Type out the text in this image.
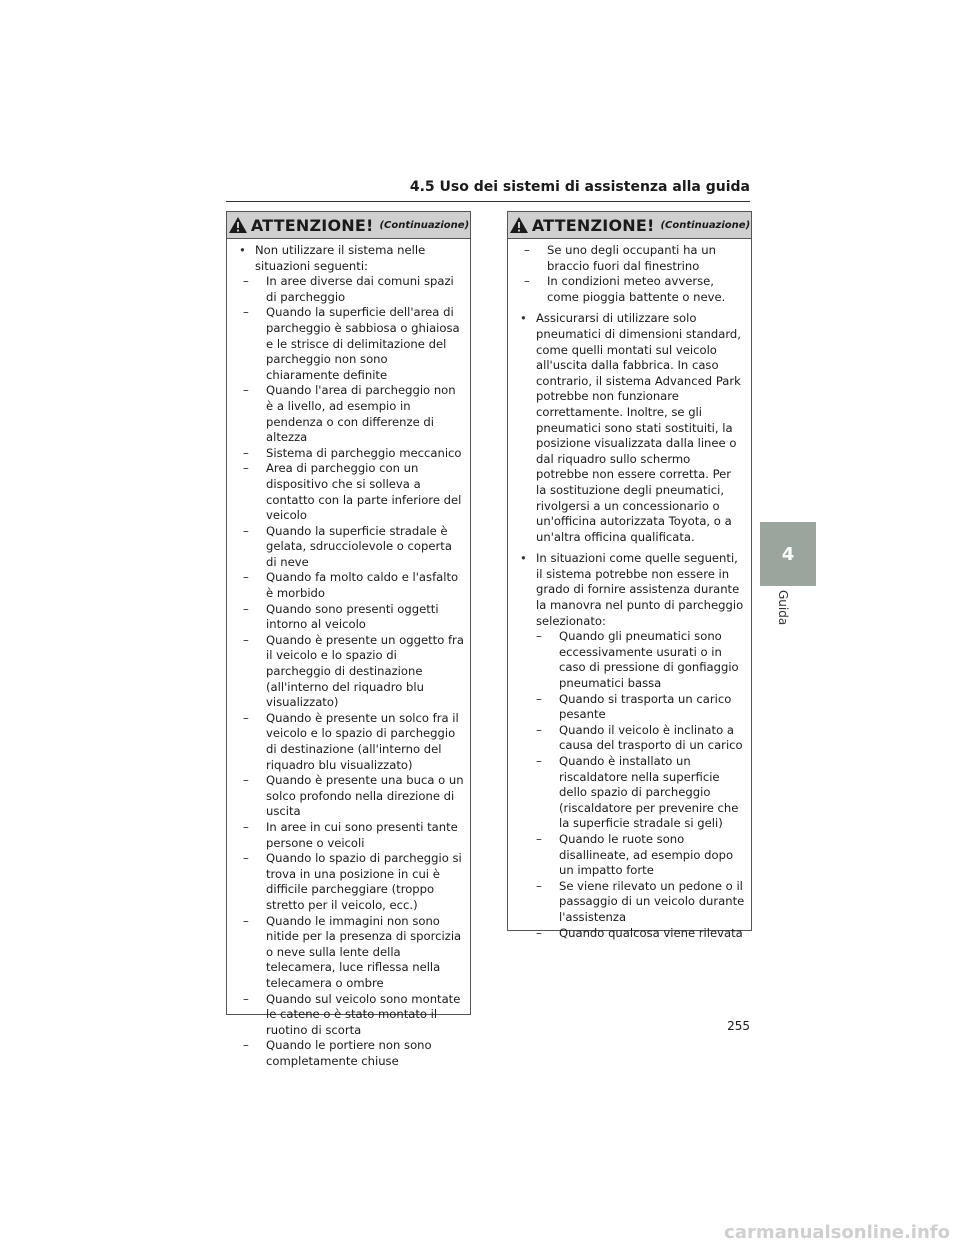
4.5 Uso dei sistemi di assistenza alla guida
ATTENZIONE! (Continuazione)
• Non utilizzare il sistema nelle situazioni seguenti:
– In aree diverse dai comuni spazi di parcheggio
– Quando la superficie dell'area di parcheggio è sabbiosa o ghiaiosa e le strisce di delimitazione del parcheggio non sono chiaramente definite
– Quando l'area di parcheggio non è a livello, ad esempio in pendenza o con differenze di altezza
– Sistema di parcheggio meccanico
– Area di parcheggio con un dispositivo che si solleva a contatto con la parte inferiore del veicolo
– Quando la superficie stradale è gelata, sdrucciolevole o coperta di neve
– Quando fa molto caldo e l'asfalto è morbido
– Quando sono presenti oggetti intorno al veicolo
– Quando è presente un oggetto fra il veicolo e lo spazio di parcheggio di destinazione (all'interno del riquadro blu visualizzato)
– Quando è presente un solco fra il veicolo e lo spazio di parcheggio di destinazione (all'interno del riquadro blu visualizzato)
– Quando è presente una buca o un solco profondo nella direzione di uscita
– In aree in cui sono presenti tante persone o veicoli
– Quando lo spazio di parcheggio si trova in una posizione in cui è difficile parcheggiare (troppo stretto per il veicolo, ecc.)
– Quando le immagini non sono nitide per la presenza di sporcizia o neve sulla lente della telecamera, luce riflessa nella telecamera o ombre
– Quando sul veicolo sono montate le catene o è stato montato il ruotino di scorta
– Quando le portiere non sono completamente chiuse
ATTENZIONE! (Continuazione)
– Se uno degli occupanti ha un braccio fuori dal finestrino
– In condizioni meteo avverse, come pioggia battente o neve.
• Assicurarsi di utilizzare solo pneumatici di dimensioni standard, come quelli montati sul veicolo all'uscita dalla fabbrica. In caso contrario, il sistema Advanced Park potrebbe non funzionare correttamente. Inoltre, se gli pneumatici sono stati sostituiti, la posizione visualizzata dalla linee o dal riquadro sullo schermo potrebbe non essere corretta. Per la sostituzione degli pneumatici, rivolgersi a un concessionario o un'officina autorizzata Toyota, o a un'altra officina qualificata.
• In situazioni come quelle seguenti, il sistema potrebbe non essere in grado di fornire assistenza durante la manovra nel punto di parcheggio selezionato:
– Quando gli pneumatici sono eccessivamente usurati o in caso di pressione di gonfiaggio pneumatici bassa
– Quando si trasporta un carico pesante
– Quando il veicolo è inclinato a causa del trasporto di un carico
– Quando è installato un riscaldatore nella superficie dello spazio di parcheggio (riscaldatore per prevenire che la superficie stradale si geli)
– Quando le ruote sono disallineate, ad esempio dopo un impatto forte
– Se viene rilevato un pedone o il passaggio di un veicolo durante l'assistenza
– Quando qualcosa viene rilevata
4
Guida
255
carmanualsonline.info
